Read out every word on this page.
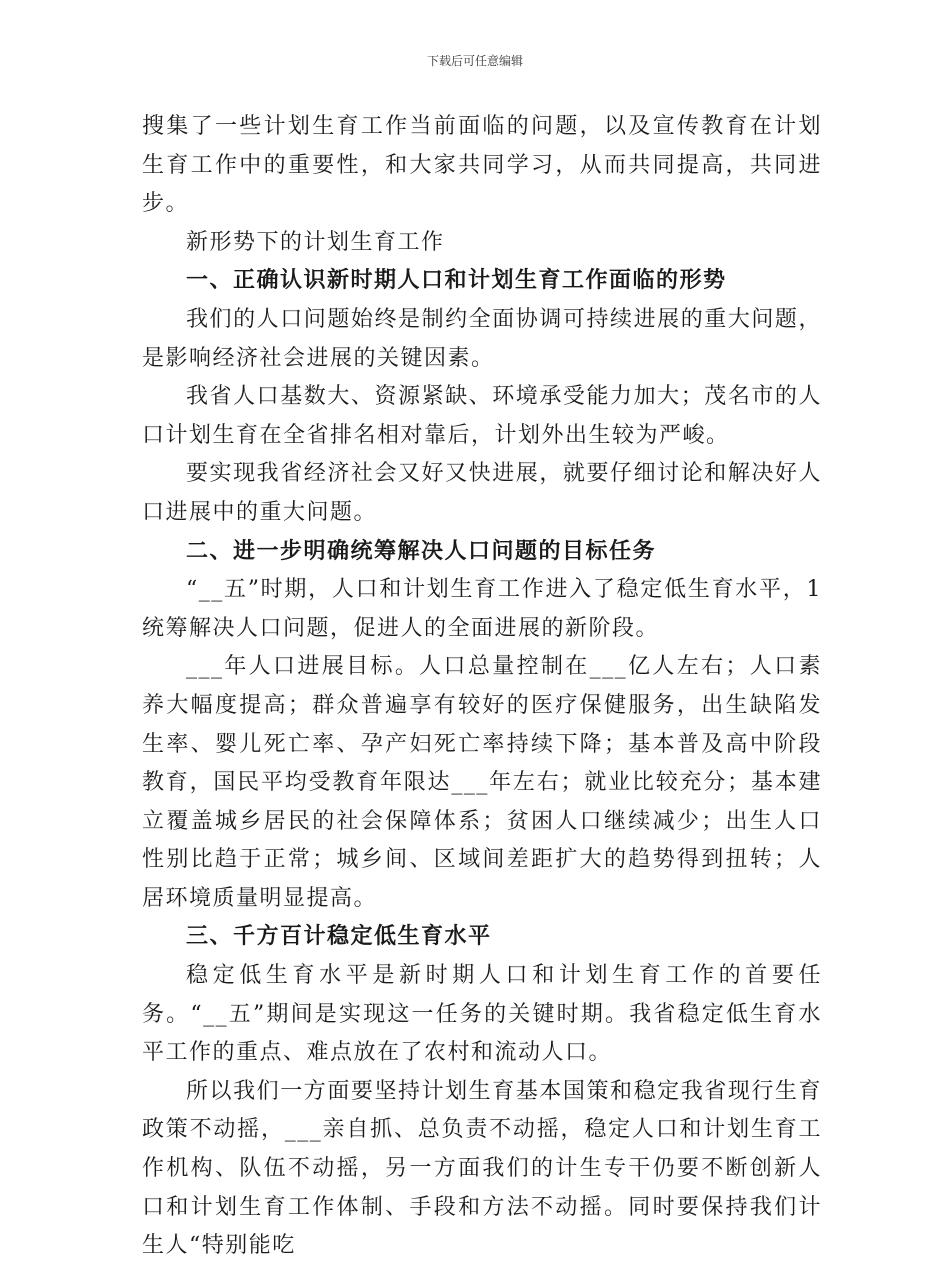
下载后可任意编辑

搜集了一些计划生育工作当前面临的问题，以及宣传教育在计划生育工作中的重要性，和大家共同学习，从而共同提高，共同进步。

新形势下的计划生育工作

一、正确认识新时期人口和计划生育工作面临的形势

我们的人口问题始终是制约全面协调可持续进展的重大问题，是影响经济社会进展的关键因素。

我省人口基数大、资源紧缺、环境承受能力加大；茂名市的人口计划生育在全省排名相对靠后，计划外出生较为严峻。

要实现我省经济社会又好又快进展，就要仔细讨论和解决好人口进展中的重大问题。

二、进一步明确统筹解决人口问题的目标任务

“__五”时期，人口和计划生育工作进入了稳定低生育水平，1统筹解决人口问题，促进人的全面进展的新阶段。

___年人口进展目标。人口总量控制在___亿人左右；人口素养大幅度提高；群众普遍享有较好的医疗保健服务，出生缺陷发生率、婴儿死亡率、孕产妇死亡率持续下降；基本普及高中阶段教育，国民平均受教育年限达___年左右；就业比较充分；基本建立覆盖城乡居民的社会保障体系；贫困人口继续减少；出生人口性别比趋于正常；城乡间、区域间差距扩大的趋势得到扭转；人居环境质量明显提高。

三、千方百计稳定低生育水平

稳定低生育水平是新时期人口和计划生育工作的首要任务。“__五”期间是实现这一任务的关键时期。我省稳定低生育水平工作的重点、难点放在了农村和流动人口。

所以我们一方面要坚持计划生育基本国策和稳定我省现行生育政策不动摇，___亲自抓、总负责不动摇，稳定人口和计划生育工作机构、队伍不动摇，另一方面我们的计生专干仍要不断创新人口和计划生育工作体制、手段和方法不动摇。同时要保持我们计生人“特别能吃
